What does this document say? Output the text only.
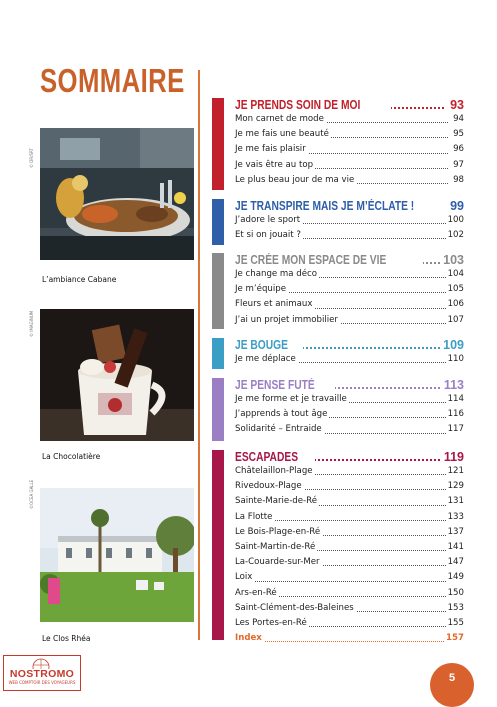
SOMMAIRE
© DR/SRT
L’ambiance Cabane
© IMAGINUM
La Chocolatière
©OCEA GALLE
Le Clos Rhéa
JE PRENDS SOIN DE MOI	93
Mon carnet de mode	94
Je me fais une beauté	95
Je me fais plaisir	96
Je vais être au top	97
Le plus beau jour de ma vie	98
JE TRANSPIRE MAIS JE M’ÉCLATE !	99
J’adore le sport	100
Et si on jouait ?	102
JE CRÉE MON ESPACE DE VIE	103
Je change ma déco	104
Je m’équipe	105
Fleurs et animaux	106
J’ai un projet immobilier	107
JE BOUGE	109
Je me déplace	110
JE PENSE FUTÉ	113
Je me forme et je travaille	114
J’apprends à tout âge	116
Solidarité – Entraide	117
ESCAPADES	119
Châtelaillon-Plage	121
Rivedoux-Plage	129
Sainte-Marie-de-Ré	131
La Flotte	133
Le Bois-Plage-en-Ré	137
Saint-Martin-de-Ré	141
La-Couarde-sur-Mer	147
Loix	149
Ars-en-Ré	150
Saint-Clément-des-Baleines	153
Les Portes-en-Ré	155
Index	157
NOSTROMO
WEB COMPTOIR DES VOYAGEURS	5
